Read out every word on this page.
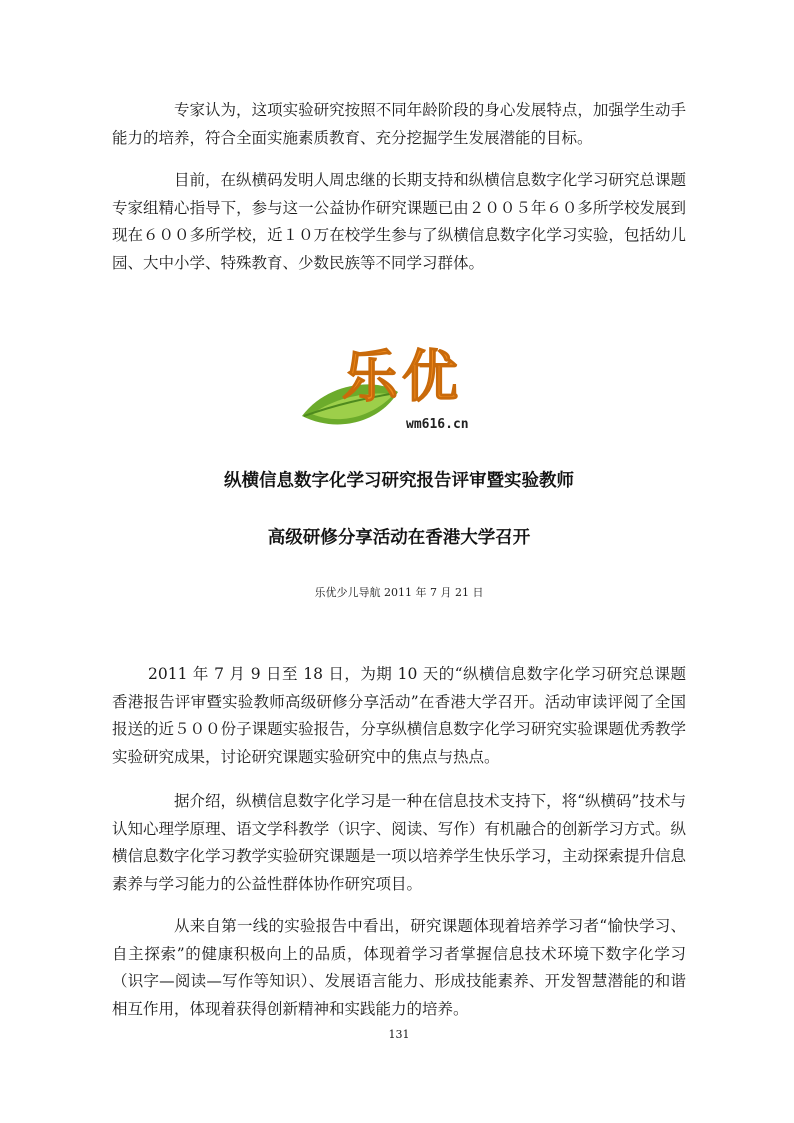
专家认为，这项实验研究按照不同年龄阶段的身心发展特点，加强学生动手能力的培养，符合全面实施素质教育、充分挖掘学生发展潜能的目标。

目前，在纵横码发明人周忠继的长期支持和纵横信息数字化学习研究总课题专家组精心指导下，参与这一公益协作研究课题已由２００５年６０多所学校发展到现在６００多所学校，近１０万在校学生参与了纵横信息数字化学习实验，包括幼儿园、大中小学、特殊教育、少数民族等不同学习群体。

乐 优
wm616.cn

纵横信息数字化学习研究报告评审暨实验教师

高级研修分享活动在香港大学召开

乐优少儿导航 2011 年 7 月 21 日

2011 年 7 月 9 日至 18 日，为期 10 天的“纵横信息数字化学习研究总课题香港报告评审暨实验教师高级研修分享活动”在香港大学召开。活动审读评阅了全国报送的近５００份子课题实验报告，分享纵横信息数字化学习研究实验课题优秀教学实验研究成果，讨论研究课题实验研究中的焦点与热点。

据介绍，纵横信息数字化学习是一种在信息技术支持下，将“纵横码”技术与认知心理学原理、语文学科教学（识字、阅读、写作）有机融合的创新学习方式。纵横信息数字化学习教学实验研究课题是一项以培养学生快乐学习，主动探索提升信息素养与学习能力的公益性群体协作研究项目。

从来自第一线的实验报告中看出，研究课题体现着培养学习者“愉快学习、自主探索”的健康积极向上的品质，体现着学习者掌握信息技术环境下数字化学习（识字—阅读—写作等知识）、发展语言能力、形成技能素养、开发智慧潜能的和谐相互作用，体现着获得创新精神和实践能力的培养。

131
